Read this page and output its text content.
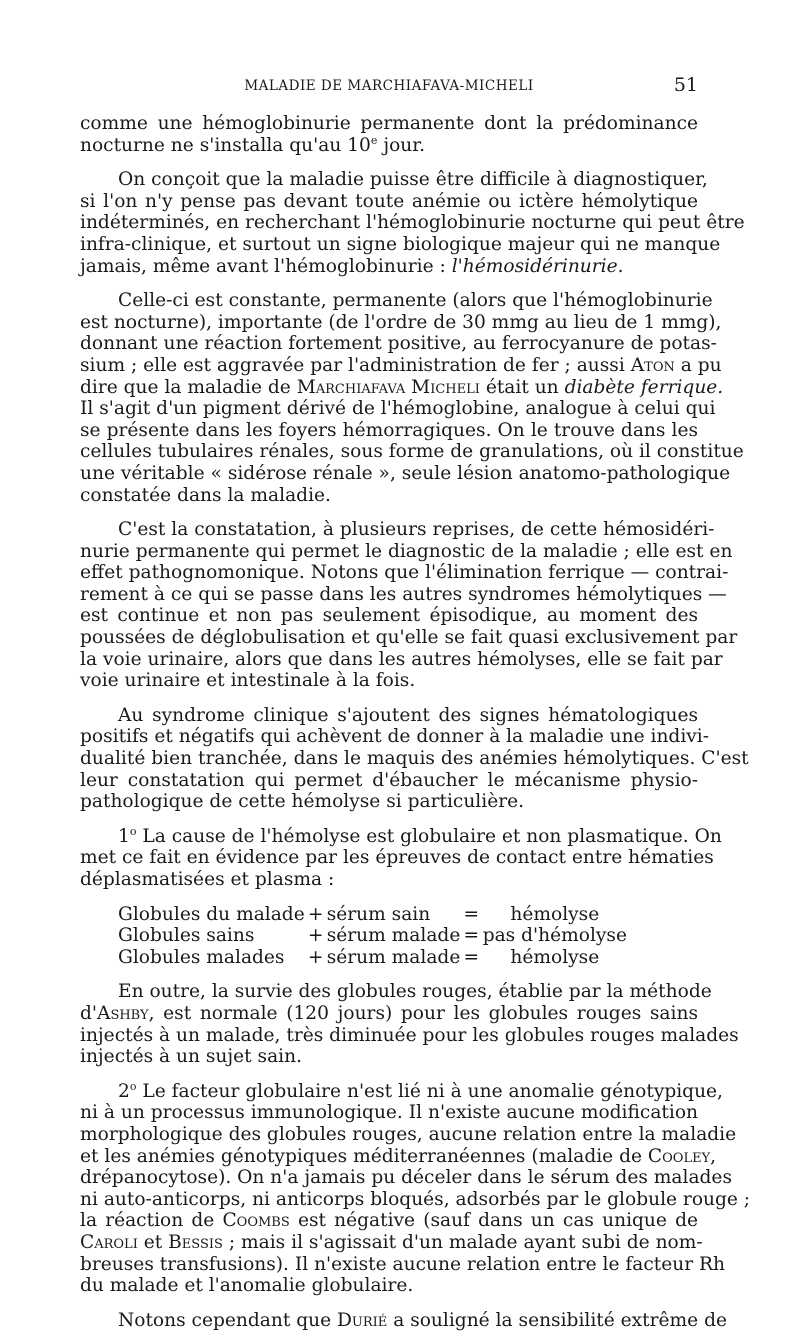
MALADIE DE MARCHIAFAVA-MICHELI	51
comme une hémoglobinurie permanente dont la prédominance
nocturne ne s'installa qu'au 10e jour.
On conçoit que la maladie puisse être difficile à diagnostiquer,
si l'on n'y pense pas devant toute anémie ou ictère hémolytique
indéterminés, en recherchant l'hémoglobinurie nocturne qui peut être
infra-clinique, et surtout un signe biologique majeur qui ne manque
jamais, même avant l'hémoglobinurie : l'hémosidérinurie.
Celle-ci est constante, permanente (alors que l'hémoglobinurie
est nocturne), importante (de l'ordre de 30 mmg au lieu de 1 mmg),
donnant une réaction fortement positive, au ferrocyanure de potas-
sium ; elle est aggravée par l'administration de fer ; aussi Aton a pu
dire que la maladie de Marchiafava Micheli était un diabète ferrique.
Il s'agit d'un pigment dérivé de l'hémoglobine, analogue à celui qui
se présente dans les foyers hémorragiques. On le trouve dans les
cellules tubulaires rénales, sous forme de granulations, où il constitue
une véritable « sidérose rénale », seule lésion anatomo-pathologique
constatée dans la maladie.
C'est la constatation, à plusieurs reprises, de cette hémosidéri-
nurie permanente qui permet le diagnostic de la maladie ; elle est en
effet pathognomonique. Notons que l'élimination ferrique — contrai-
rement à ce qui se passe dans les autres syndromes hémolytiques —
est continue et non pas seulement épisodique, au moment des
poussées de déglobulisation et qu'elle se fait quasi exclusivement par
la voie urinaire, alors que dans les autres hémolyses, elle se fait par
voie urinaire et intestinale à la fois.
Au syndrome clinique s'ajoutent des signes hématologiques
positifs et négatifs qui achèvent de donner à la maladie une indivi-
dualité bien tranchée, dans le maquis des anémies hémolytiques. C'est
leur constatation qui permet d'ébaucher le mécanisme physio-
pathologique de cette hémolyse si particulière.
1$^o$ La cause de l'hémolyse est globulaire et non plasmatique. On
met ce fait en évidence par les épreuves de contact entre hématies
déplasmatisées et plasma :
Globules du malade	+	sérum sain	=	hémolyse
Globules sains	+	sérum malade	=	pas d'hémolyse
Globules malades	+	sérum malade	=	hémolyse
En outre, la survie des globules rouges, établie par la méthode
d'Ashby, est normale (120 jours) pour les globules rouges sains
injectés à un malade, très diminuée pour les globules rouges malades
injectés à un sujet sain.
2$^o$ Le facteur globulaire n'est lié ni à une anomalie génotypique,
ni à un processus immunologique. Il n'existe aucune modification
morphologique des globules rouges, aucune relation entre la maladie
et les anémies génotypiques méditerranéennes (maladie de Cooley,
drépanocytose). On n'a jamais pu déceler dans le sérum des malades
ni auto-anticorps, ni anticorps bloqués, adsorbés par le globule rouge ;
la réaction de Coombs est négative (sauf dans un cas unique de
Caroli et Bessis ; mais il s'agissait d'un malade ayant subi de nom-
breuses transfusions). Il n'existe aucune relation entre le facteur Rh
du malade et l'anomalie globulaire.
Notons cependant que Durié a souligné la sensibilité extrême de
